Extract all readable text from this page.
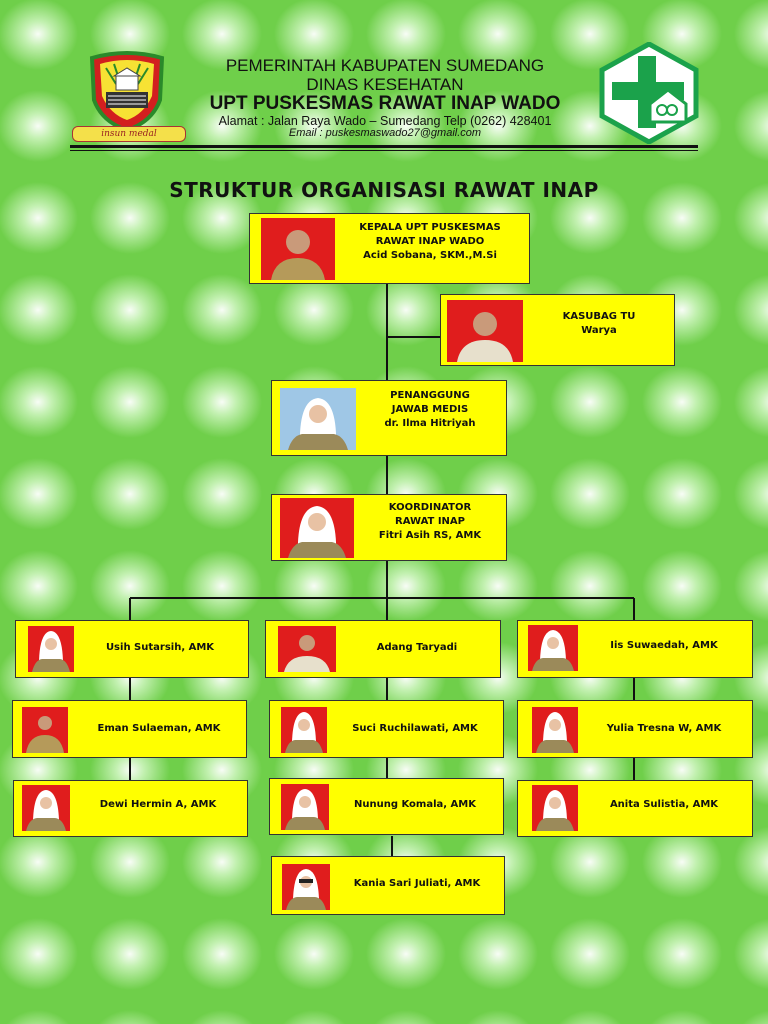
insun medal
PEMERINTAH KABUPATEN SUMEDANG
DINAS KESEHATAN
UPT PUSKESMAS RAWAT INAP WADO
Alamat : Jalan Raya Wado – Sumedang Telp (0262) 428401
Email : puskesmaswado27@gmail.com
STRUKTUR ORGANISASI RAWAT INAP
KEPALA UPT PUSKESMAS
RAWAT INAP WADO
Acid Sobana, SKM.,M.Si
KASUBAG TU
Warya
PENANGGUNG
JAWAB MEDIS
dr. Ilma Hitriyah
KOORDINATOR
RAWAT INAP
Fitri Asih RS, AMK
Usih Sutarsih, AMK	Adang Taryadi	Iis Suwaedah, AMK
Eman Sulaeman, AMK	Suci Ruchilawati, AMK	Yulia Tresna W, AMK
Dewi Hermin A, AMK	Nunung Komala, AMK	Anita Sulistia, AMK
Kania Sari Juliati, AMK
